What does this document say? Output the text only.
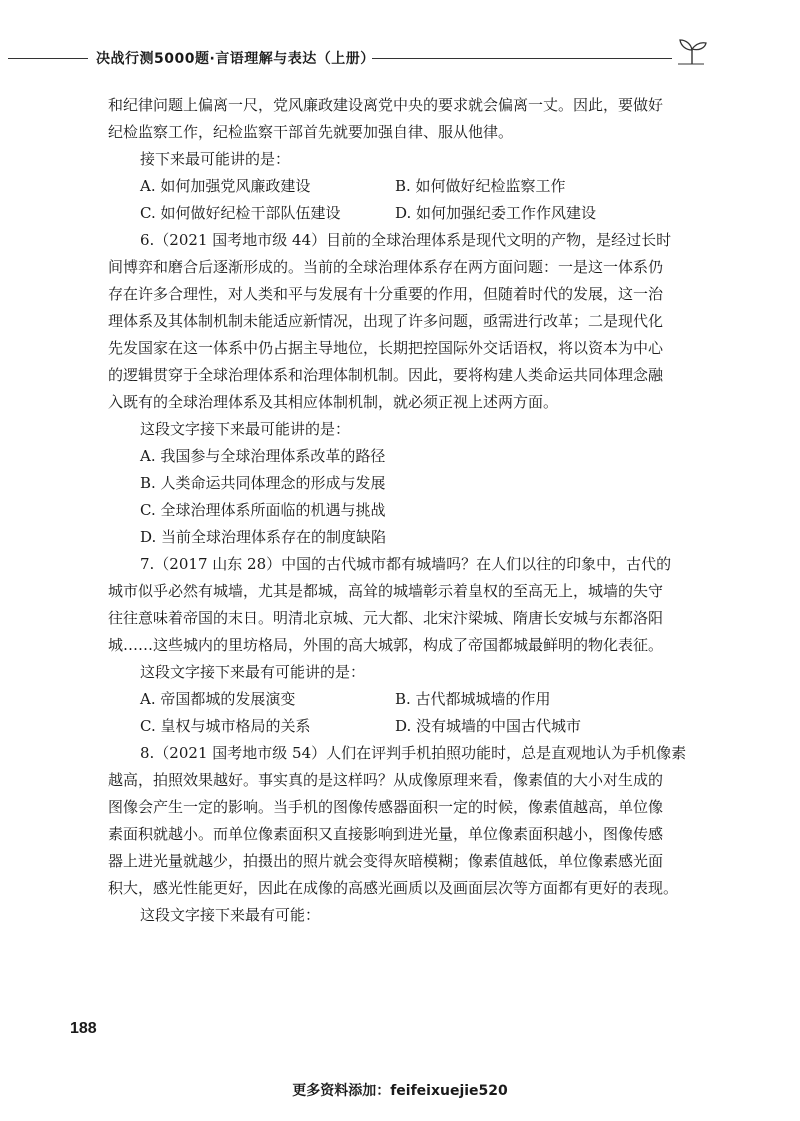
决战行测5000题·言语理解与表达（上册）

和纪律问题上偏离一尺，党风廉政建设离党中央的要求就会偏离一丈。因此，要做好

纪检监察工作，纪检监察干部首先就要加强自律、服从他律。

接下来最可能讲的是：

A. 如何加强党风廉政建设	B. 如何做好纪检监察工作
C. 如何做好纪检干部队伍建设	D. 如何加强纪委工作作风建设

6.（2021 国考地市级 44）目前的全球治理体系是现代文明的产物，是经过长时

间博弈和磨合后逐渐形成的。当前的全球治理体系存在两方面问题：一是这一体系仍

存在许多合理性，对人类和平与发展有十分重要的作用，但随着时代的发展，这一治

理体系及其体制机制未能适应新情况，出现了许多问题，亟需进行改革；二是现代化

先发国家在这一体系中仍占据主导地位，长期把控国际外交话语权，将以资本为中心

的逻辑贯穿于全球治理体系和治理体制机制。因此，要将构建人类命运共同体理念融

入既有的全球治理体系及其相应体制机制，就必须正视上述两方面。

这段文字接下来最可能讲的是：

A. 我国参与全球治理体系改革的路径

B. 人类命运共同体理念的形成与发展

C. 全球治理体系所面临的机遇与挑战

D. 当前全球治理体系存在的制度缺陷

7.（2017 山东 28）中国的古代城市都有城墙吗？在人们以往的印象中，古代的

城市似乎必然有城墙，尤其是都城，高耸的城墙彰示着皇权的至高无上，城墙的失守

往往意味着帝国的末日。明清北京城、元大都、北宋汴梁城、隋唐长安城与东都洛阳

城……这些城内的里坊格局，外围的高大城郭，构成了帝国都城最鲜明的物化表征。

这段文字接下来最有可能讲的是：

A. 帝国都城的发展演变	B. 古代都城城墙的作用
C. 皇权与城市格局的关系	D. 没有城墙的中国古代城市

8.（2021 国考地市级 54）人们在评判手机拍照功能时，总是直观地认为手机像素

越高，拍照效果越好。事实真的是这样吗？从成像原理来看，像素值的大小对生成的

图像会产生一定的影响。当手机的图像传感器面积一定的时候，像素值越高，单位像

素面积就越小。而单位像素面积又直接影响到进光量，单位像素面积越小，图像传感

器上进光量就越少，拍摄出的照片就会变得灰暗模糊；像素值越低，单位像素感光面

积大，感光性能更好，因此在成像的高感光画质以及画面层次等方面都有更好的表现。

这段文字接下来最有可能：

188
更多资料添加：feifeixuejie520
